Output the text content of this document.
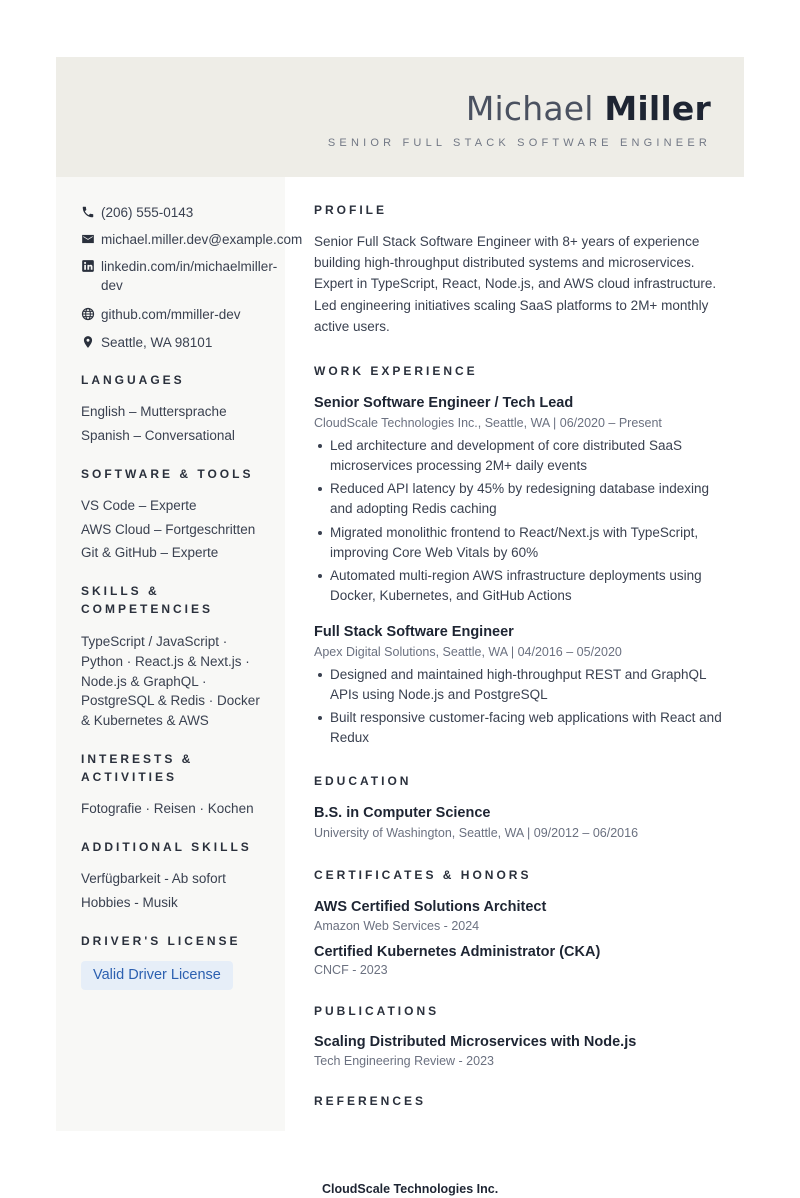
Michael Miller
SENIOR FULL STACK SOFTWARE ENGINEER
(206) 555-0143
michael.miller.dev@example.com
linkedin.com/in/michaelmiller-dev
github.com/mmiller-dev
Seattle, WA 98101
LANGUAGES
English – Muttersprache
Spanish – Conversational
SOFTWARE & TOOLS
VS Code – Experte
AWS Cloud – Fortgeschritten
Git & GitHub – Experte
SKILLS & COMPETENCIES
TypeScript / JavaScript · Python · React.js & Next.js · Node.js & GraphQL · PostgreSQL & Redis · Docker & Kubernetes & AWS
INTERESTS & ACTIVITIES
Fotografie · Reisen · Kochen
ADDITIONAL SKILLS
Verfügbarkeit - Ab sofort
Hobbies - Musik
DRIVER'S LICENSE
Valid Driver License
PROFILE
Senior Full Stack Software Engineer with 8+ years of experience building high-throughput distributed systems and microservices. Expert in TypeScript, React, Node.js, and AWS cloud infrastructure. Led engineering initiatives scaling SaaS platforms to 2M+ monthly active users.
WORK EXPERIENCE
Senior Software Engineer / Tech Lead
CloudScale Technologies Inc., Seattle, WA | 06/2020 – Present
Led architecture and development of core distributed SaaS microservices processing 2M+ daily events
Reduced API latency by 45% by redesigning database indexing and adopting Redis caching
Migrated monolithic frontend to React/Next.js with TypeScript, improving Core Web Vitals by 60%
Automated multi-region AWS infrastructure deployments using Docker, Kubernetes, and GitHub Actions
Full Stack Software Engineer
Apex Digital Solutions, Seattle, WA | 04/2016 – 05/2020
Designed and maintained high-throughput REST and GraphQL APIs using Node.js and PostgreSQL
Built responsive customer-facing web applications with React and Redux
EDUCATION
B.S. in Computer Science
University of Washington, Seattle, WA | 09/2012 – 06/2016
CERTIFICATES & HONORS
AWS Certified Solutions Architect
Amazon Web Services - 2024
Certified Kubernetes Administrator (CKA)
CNCF - 2023
PUBLICATIONS
Scaling Distributed Microservices with Node.js
Tech Engineering Review - 2023
REFERENCES
CloudScale Technologies Inc.
